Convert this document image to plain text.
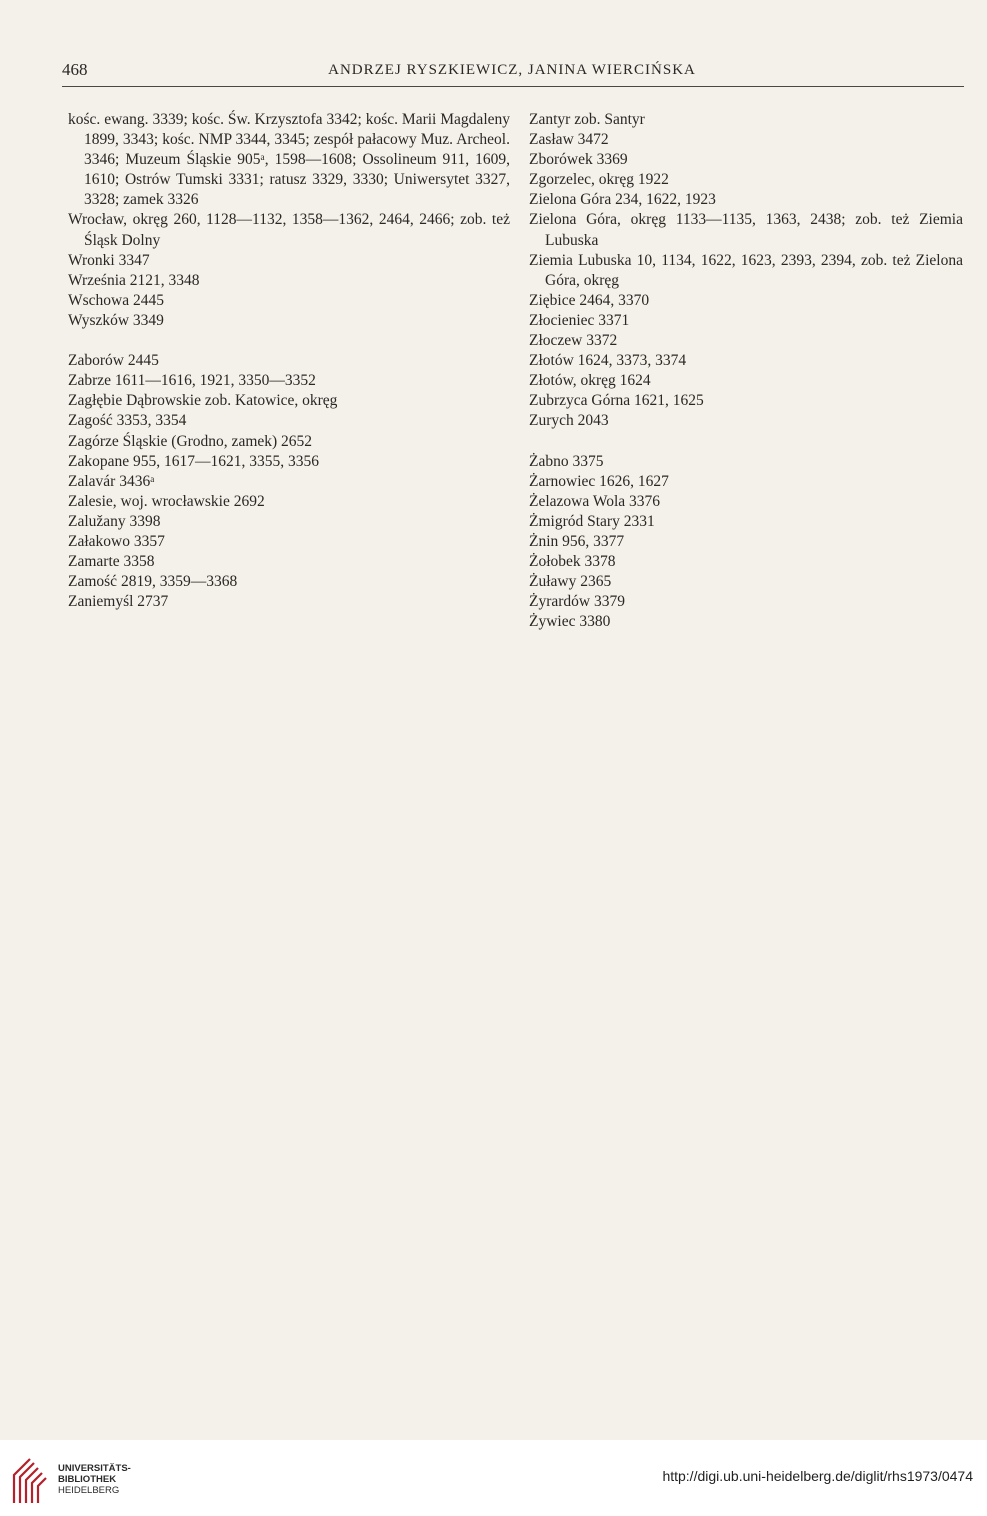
468	ANDRZEJ RYSZKIEWICZ, JANINA WIERCIŃSKA
kośc. ewang. 3339; kośc. Św. Krzysztofa 3342; kośc. Marii Magdaleny 1899, 3343; kośc. NMP 3344, 3345; zespół pałacowy Muz. Archeol. 3346; Muzeum Śląskie 905ᵃ, 1598—1608; Ossolineum 911, 1609, 1610; Ostrów Tumski 3331; ratusz 3329, 3330; Uniwersytet 3327, 3328; zamek 3326
Wrocław, okręg 260, 1128—1132, 1358—1362, 2464, 2466; zob. też Śląsk Dolny
Wronki 3347
Września 2121, 3348
Wschowa 2445
Wyszków 3349
Zaborów 2445
Zabrze 1611—1616, 1921, 3350—3352
Zagłębie Dąbrowskie zob. Katowice, okręg
Zagość 3353, 3354
Zagórze Śląskie (Grodno, zamek) 2652
Zakopane 955, 1617—1621, 3355, 3356
Zalavár 3436ᵃ
Zalesie, woj. wrocławskie 2692
Zalužany 3398
Załakowo 3357
Zamarte 3358
Zamość 2819, 3359—3368
Zaniemyśl 2737
Zantyr zob. Santyr
Zasław 3472
Zborówek 3369
Zgorzelec, okręg 1922
Zielona Góra 234, 1622, 1923
Zielona Góra, okręg 1133—1135, 1363, 2438; zob. też Ziemia Lubuska
Ziemia Lubuska 10, 1134, 1622, 1623, 2393, 2394, zob. też Zielona Góra, okręg
Ziębice 2464, 3370
Złocieniec 3371
Złoczew 3372
Złotów 1624, 3373, 3374
Złotów, okręg 1624
Zubrzyca Górna 1621, 1625
Zurych 2043
Żabno 3375
Żarnowiec 1626, 1627
Żelazowa Wola 3376
Żmigród Stary 2331
Żnin 956, 3377
Żołobek 3378
Żuławy 2365
Żyrardów 3379
Żywiec 3380
UNIVERSITÄTS-
BIBLIOTHEK
HEIDELBERG
http://digi.ub.uni-heidelberg.de/diglit/rhs1973/0474
